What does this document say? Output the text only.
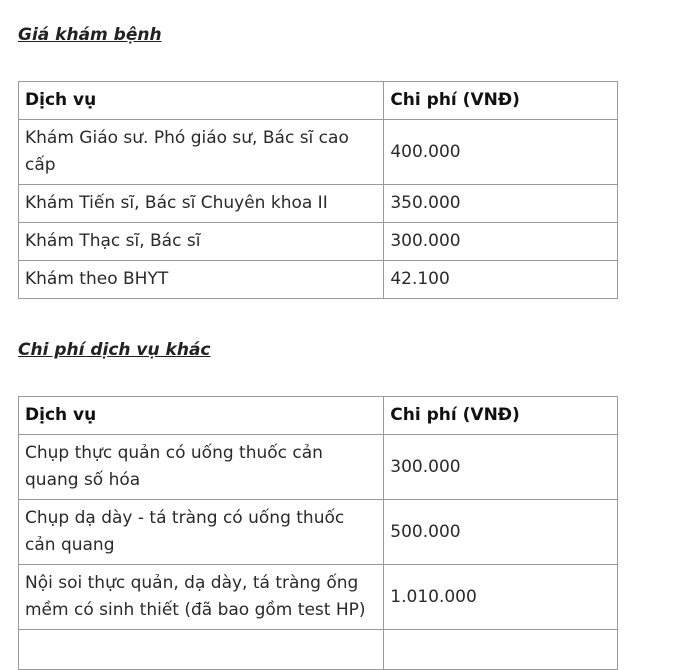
Giá khám bệnh
Dịch vụ	Chi phí (VNĐ)
Khám Giáo sư. Phó giáo sư, Bác sĩ cao cấp	400.000
Khám Tiến sĩ, Bác sĩ Chuyên khoa II	350.000
Khám Thạc sĩ, Bác sĩ	300.000
Khám theo BHYT	42.100
Chi phí dịch vụ khác
Dịch vụ	Chi phí (VNĐ)
Chụp thực quản có uống thuốc cản quang số hóa	300.000
Chụp dạ dày - tá tràng có uống thuốc cản quang	500.000
Nội soi thực quản, dạ dày, tá tràng ống mềm có sinh thiết (đã bao gồm test HP)	1.010.000
